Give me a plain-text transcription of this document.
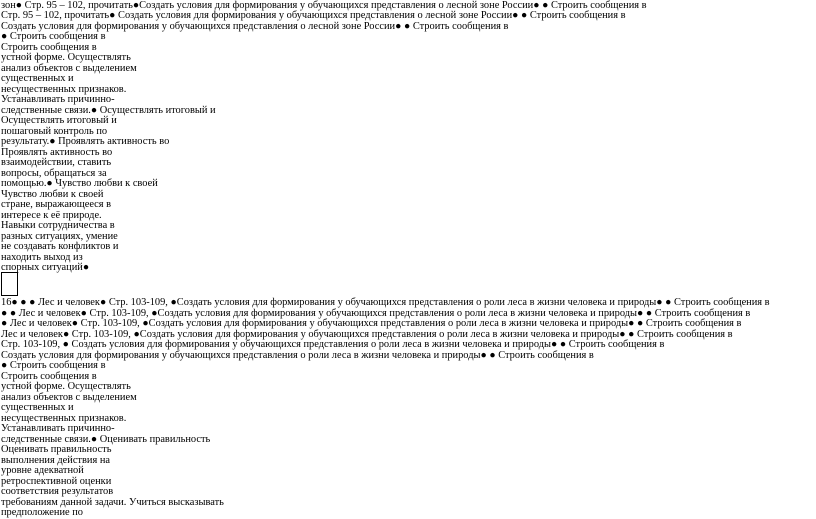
зон● Стр. 95 – 102, прочитать●Создать условия для формирования у обучающихся представления о лесной зоне России● ● Строить сообщения в
Стр. 95 – 102, прочитать● Создать условия для формирования у обучающихся представления о лесной зоне России● ● Строить сообщения в
Создать условия для формирования у обучающихся представления о лесной зоне России● ● Строить сообщения в
● Строить сообщения в
Строить сообщения в
устной форме. Осуществлять
анализ объектов с выделением
существенных и
несущественных признаков.
Устанавливать причинно-
следственные связи.● Осуществлять итоговый и
Осуществлять итоговый и
пошаговый контроль по
результату.● Проявлять активность во
Проявлять активность во
взаимодействии, ставить
вопросы, обращаться за
помощью.● Чувство любви к своей
Чувство любви к своей
стране, выражающееся в
интересе к её природе.
Навыки сотрудничества в
разных ситуациях, умение
не создавать конфликтов и
находить выход из
спорных ситуаций●
16● ● ● Лес и человек● Стр. 103-109, ●Создать условия для формирования у обучающихся представления о роли леса в жизни человека и природы● ● Строить сообщения в
● ● Лес и человек● Стр. 103-109, ●Создать условия для формирования у обучающихся представления о роли леса в жизни человека и природы● ● Строить сообщения в
● Лес и человек● Стр. 103-109, ●Создать условия для формирования у обучающихся представления о роли леса в жизни человека и природы● ● Строить сообщения в
Лес и человек● Стр. 103-109, ●Создать условия для формирования у обучающихся представления о роли леса в жизни человека и природы● ● Строить сообщения в
Стр. 103-109, ● Создать условия для формирования у обучающихся представления о роли леса в жизни человека и природы● ● Строить сообщения в
Создать условия для формирования у обучающихся представления о роли леса в жизни человека и природы● ● Строить сообщения в
● Строить сообщения в
Строить сообщения в
устной форме. Осуществлять
анализ объектов с выделением
существенных и
несущественных признаков.
Устанавливать причинно-
следственные связи.● Оценивать правильность
Оценивать правильность
выполнения действия на
уровне адекватной
ретроспективной оценки
соответствия результатов
требованиям данной задачи. Учиться высказывать
предположение по
